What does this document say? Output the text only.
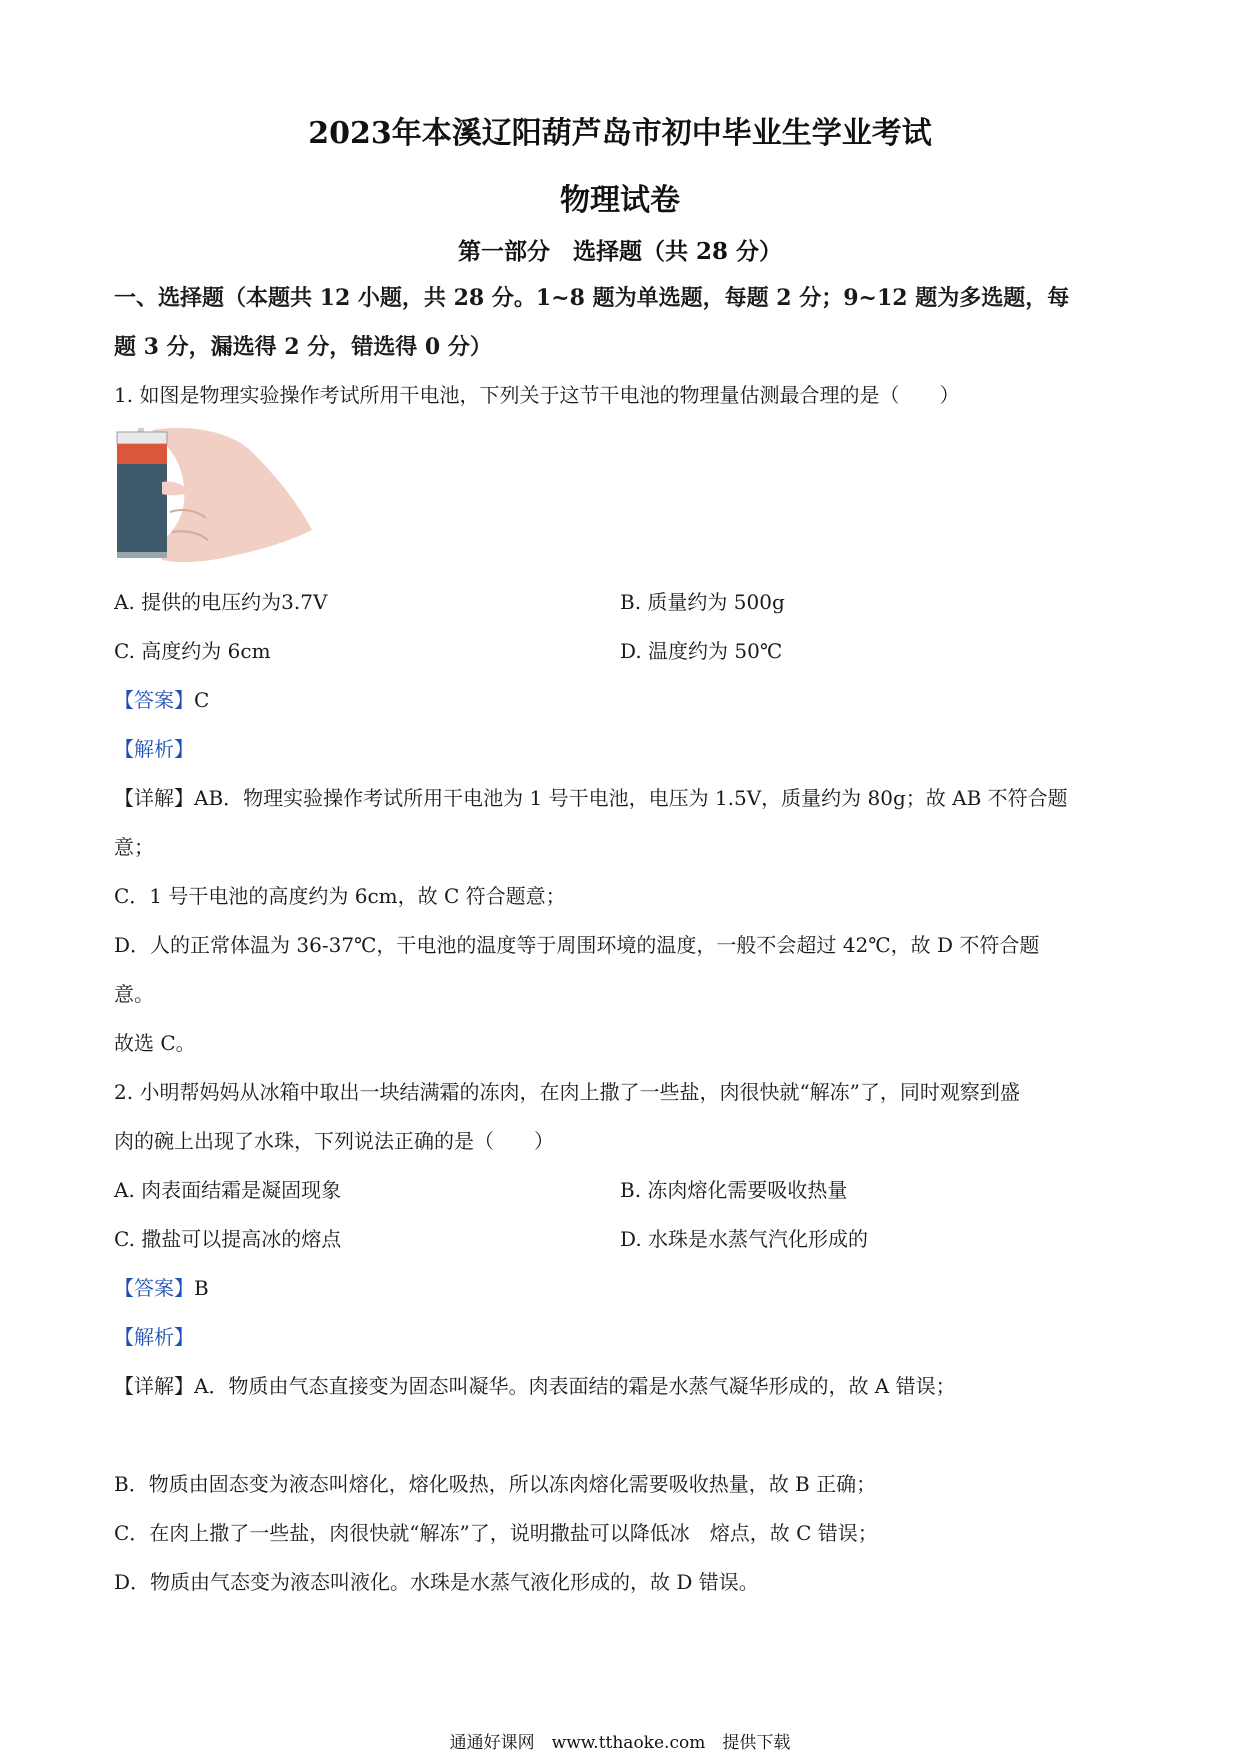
2023年本溪辽阳葫芦岛市初中毕业生学业考试
物理试卷
第一部分　选择题（共 28 分）
一、选择题（本题共 12 小题，共 28 分。1~8 题为单选题，每题 2 分；9~12 题为多选题，每
题 3 分，漏选得 2 分，错选得 0 分）
1. 如图是物理实验操作考试所用干电池，下列关于这节干电池的物理量估测最合理的是（　　）
A. 提供的电压约为3.7V	B. 质量约为 500g
C. 高度约为 6cm	D. 温度约为 50℃
【答案】C
【解析】
【详解】AB．物理实验操作考试所用干电池为 1 号干电池，电压为 1.5V，质量约为 80g；故 AB 不符合题
意；
C．1 号干电池的高度约为 6cm，故 C 符合题意；
D．人的正常体温为 36-37℃，干电池的温度等于周围环境的温度，一般不会超过 42℃，故 D 不符合题
意。
故选 C。
2. 小明帮妈妈从冰箱中取出一块结满霜的冻肉，在肉上撒了一些盐，肉很快就“解冻”了，同时观察到盛
肉的碗上出现了水珠，下列说法正确的是（　　）
A. 肉表面结霜是凝固现象	B. 冻肉熔化需要吸收热量
C. 撒盐可以提高冰的熔点	D. 水珠是水蒸气汽化形成的
【答案】B
【解析】
【详解】A．物质由气态直接变为固态叫凝华。肉表面结的霜是水蒸气凝华形成的，故 A 错误；
B．物质由固态变为液态叫熔化，熔化吸热，所以冻肉熔化需要吸收热量，故 B 正确；
C．在肉上撒了一些盐，肉很快就“解冻”了，说明撒盐可以降低冰　熔点，故 C 错误；
D．物质由气态变为液态叫液化。水珠是水蒸气液化形成的，故 D 错误。
通通好课网　www.tthaoke.com　提供下载
